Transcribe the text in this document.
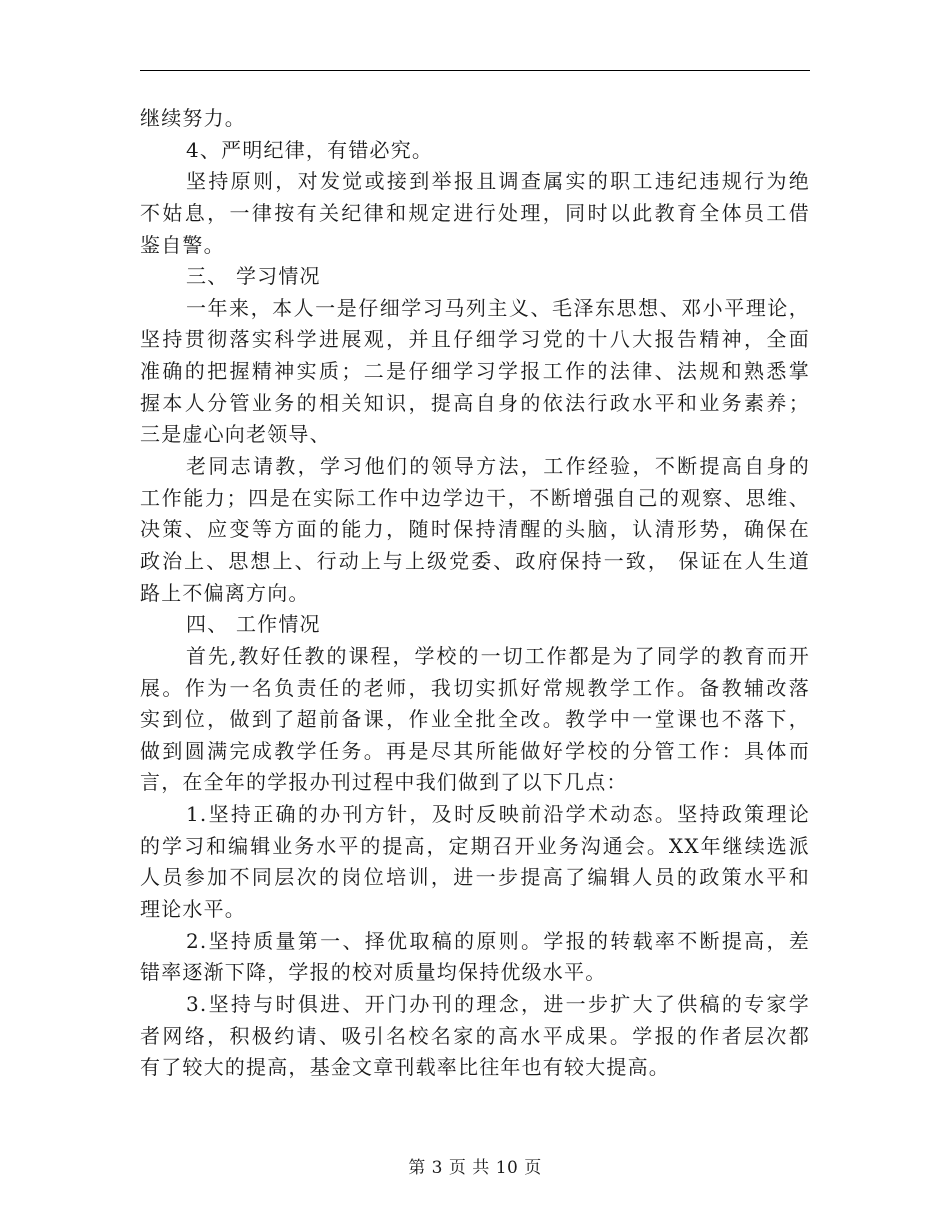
继续努力。
4、严明纪律，有错必究。
坚持原则，对发觉或接到举报且调查属实的职工违纪违规行为绝
不姑息，一律按有关纪律和规定进行处理，同时以此教育全体员工借
鉴自警。
三、 学习情况
一年来，本人一是仔细学习马列主义、毛泽东思想、邓小平理论，
坚持贯彻落实科学进展观，并且仔细学习党的十八大报告精神，全面
准确的把握精神实质；二是仔细学习学报工作的法律、法规和熟悉掌
握本人分管业务的相关知识，提高自身的依法行政水平和业务素养；
三是虚心向老领导、
老同志请教，学习他们的领导方法，工作经验，不断提高自身的
工作能力；四是在实际工作中边学边干，不断增强自己的观察、思维、
决策、应变等方面的能力，随时保持清醒的头脑，认清形势，确保在
政治上、思想上、行动上与上级党委、政府保持一致， 保证在人生道
路上不偏离方向。
四、 工作情况
首先,教好任教的课程，学校的一切工作都是为了同学的教育而开
展。作为一名负责任的老师，我切实抓好常规教学工作。备教辅改落
实到位，做到了超前备课，作业全批全改。教学中一堂课也不落下，
做到圆满完成教学任务。再是尽其所能做好学校的分管工作：具体而
言，在全年的学报办刊过程中我们做到了以下几点：
1.坚持正确的办刊方针，及时反映前沿学术动态。坚持政策理论
的学习和编辑业务水平的提高，定期召开业务沟通会。XX年继续选派
人员参加不同层次的岗位培训，进一步提高了编辑人员的政策水平和
理论水平。
2.坚持质量第一、择优取稿的原则。学报的转载率不断提高，差
错率逐渐下降，学报的校对质量均保持优级水平。
3.坚持与时俱进、开门办刊的理念，进一步扩大了供稿的专家学
者网络，积极约请、吸引名校名家的高水平成果。学报的作者层次都
有了较大的提高，基金文章刊载率比往年也有较大提高。
第 3 页 共 10 页
